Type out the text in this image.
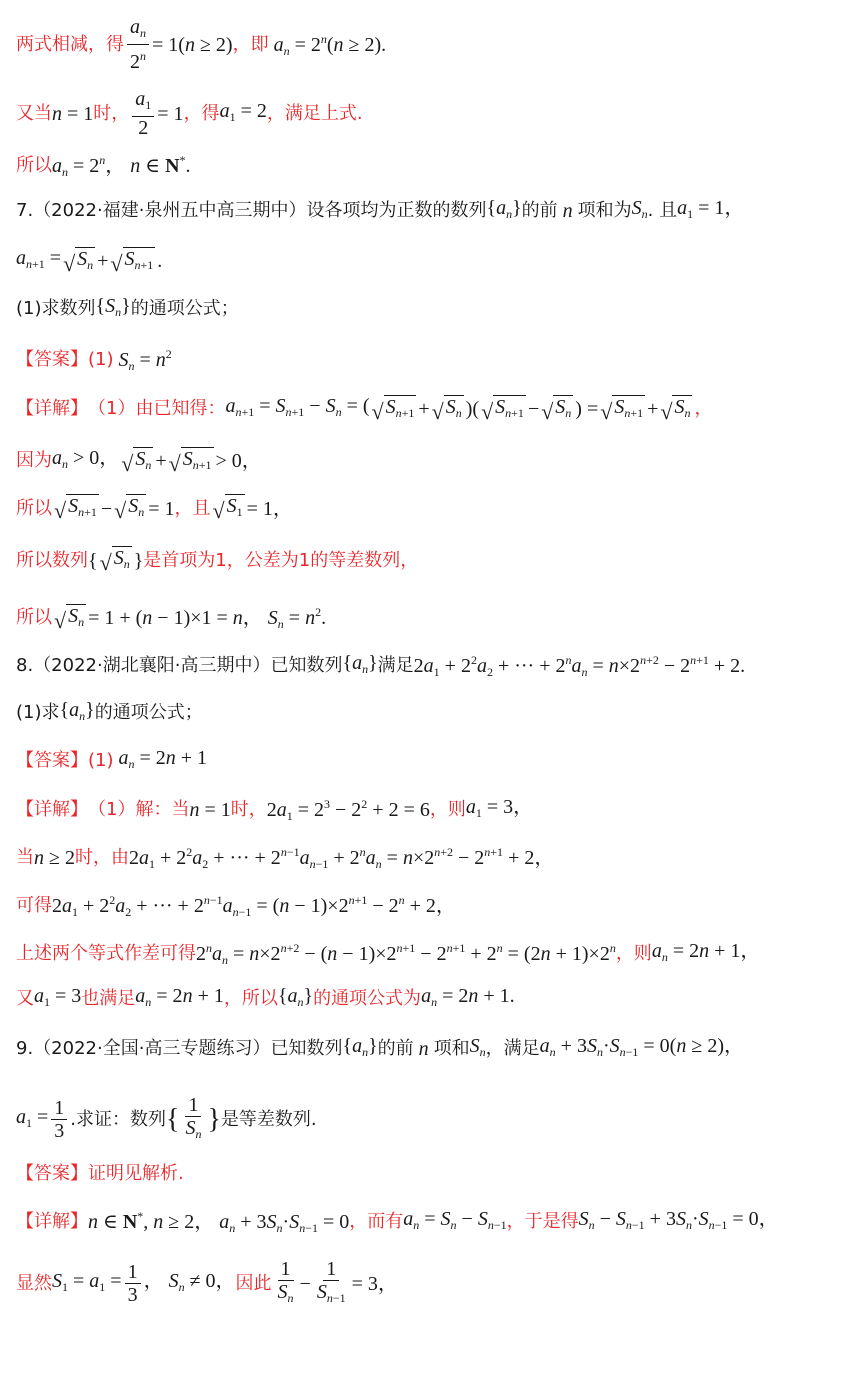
两式相减，得 $\frac{a_n}{2^n} = 1(n \ge 2)$ ，即 $a_n = 2^n(n \ge 2)$.
又当 n = 1 时， $\frac{a_1}{2} = 1$ ，得 $a_1 = 2$ ，满足上式.
所以 $a_n = 2^n$， n ∈ N*.
7. （2022·福建·泉州五中高三期中） 设各项均为正数的数列 $\{a_n\}$ 的前 n 项和为 $S_n$ . 且 $a_1 = 1$，
$a_{n+1}$ = √ $S_n$ + √ $S_{n+1}$ .
(1)求数列 $\{S_n\}$ 的通项公式；
【答案】 (1) $S_n = n^2$
【详解】 （1） 由已知得： $a_{n+1} = S_{n+1} - S_n$ = ( √ $S_{n+1}$ + √ $S_n$ )( √ $S_{n+1}$ − √ $S_n$ ) = √ $S_{n+1}$ + √ $S_n$ ，
因为 $a_n > 0$， √ $S_n$ + √ $S_{n+1} > 0$，
所以 √ $S_{n+1}$ − √ $S_n = 1$ ，且 √ $S_1 = 1$，
所以数列 { √ $S_n$ } 是首项为1，公差为1的等差数列，
所以 √ $S_n = 1 + (n - 1)\times 1 = n$， $S_n = n^2$.
8. （2022·湖北襄阳·高三期中） 已知数列 $\{a_n\}$ 满足 $2a_1 + 2^2a_2$ + ··· + $2^na_n = n\times 2^{n+2} - 2^{n+1} + 2$.
(1)求 $\{a_n\}$ 的通项公式；
【答案】 (1) $a_n = 2n + 1$
【详解】 （1） 解：当 n = 1 时， $2a_1 = 2^3 - 2^2 + 2 = 6$ ，则 $a_1 = 3$，
当 n ≥ 2 时，由 $2a_1 + 2^2a_2$ + ··· + $2^{n-1}a_{n-1} + 2^na_n = n\times 2^{n+2} - 2^{n+1} + 2$，
可得 $2a_1 + 2^2a_2$ + ··· + $2^{n-1}a_{n-1} = (n - 1)\times 2^{n+1} - 2^n + 2$，
上述两个等式作差可得 $2^na_n = n\times 2^{n+2} - (n - 1)\times 2^{n+1} - 2^{n+1} + 2^n = (2n + 1)\times 2^n$ ，则 $a_n = 2n + 1$，
又 $a_1 = 3$ 也满足 $a_n = 2n + 1$ ，所以 $\{a_n\}$ 的通项公式为 $a_n = 2n + 1$.
9. （2022·全国·高三专题练习） 已知数列 $\{a_n\}$ 的前 n 项和 $S_n$ ，满足 $a_n + 3S_n\cdot S_{n-1} = 0(n \ge 2)$，
$a_1 = \frac{1}{3}$ .求证：数列 { $\frac{1}{S_n}$ } 是等差数列.
【答案】 证明见解析.
【详解】 n ∈ N*, n ≥ 2， $a_n + 3S_n\cdot S_{n-1} = 0$ ，而有 $a_n = S_n - S_{n-1}$ ，于是得 $S_n - S_{n-1} + 3S_n\cdot S_{n-1} = 0$，
显然 $S_1 = a_1 = \frac{1}{3}$ ， $S_n \ne 0$， 因此 $\frac{1}{S_n} - \frac{1}{S_{n-1}} = 3$，
